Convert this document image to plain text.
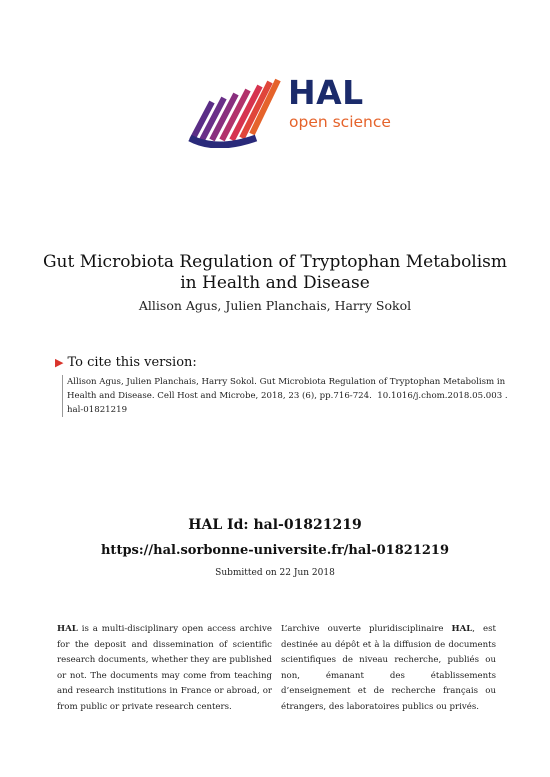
HAL
open science
Gut Microbiota Regulation of Tryptophan Metabolism
in Health and Disease
Allison Agus, Julien Planchais, Harry Sokol
▶ To cite this version:
Allison Agus, Julien Planchais, Harry Sokol. Gut Microbiota Regulation of Tryptophan Metabolism in
Health and Disease. Cell Host and Microbe, 2018, 23 (6), pp.716-724.  10.1016/j.chom.2018.05.003 .
hal-01821219
HAL Id: hal-01821219
https://hal.sorbonne-universite.fr/hal-01821219
Submitted on 22 Jun 2018
HAL is a multi-disciplinary open access archive for the deposit and dissemination of scientific research documents, whether they are published or not. The documents may come from teaching and research institutions in France or abroad, or from public or private research centers.
L’archive ouverte pluridisciplinaire HAL, est destinée au dépôt et à la diffusion de documents scientifiques de niveau recherche, publiés ou non, émanant des établissements d’enseignement et de recherche français ou étrangers, des laboratoires publics ou privés.
